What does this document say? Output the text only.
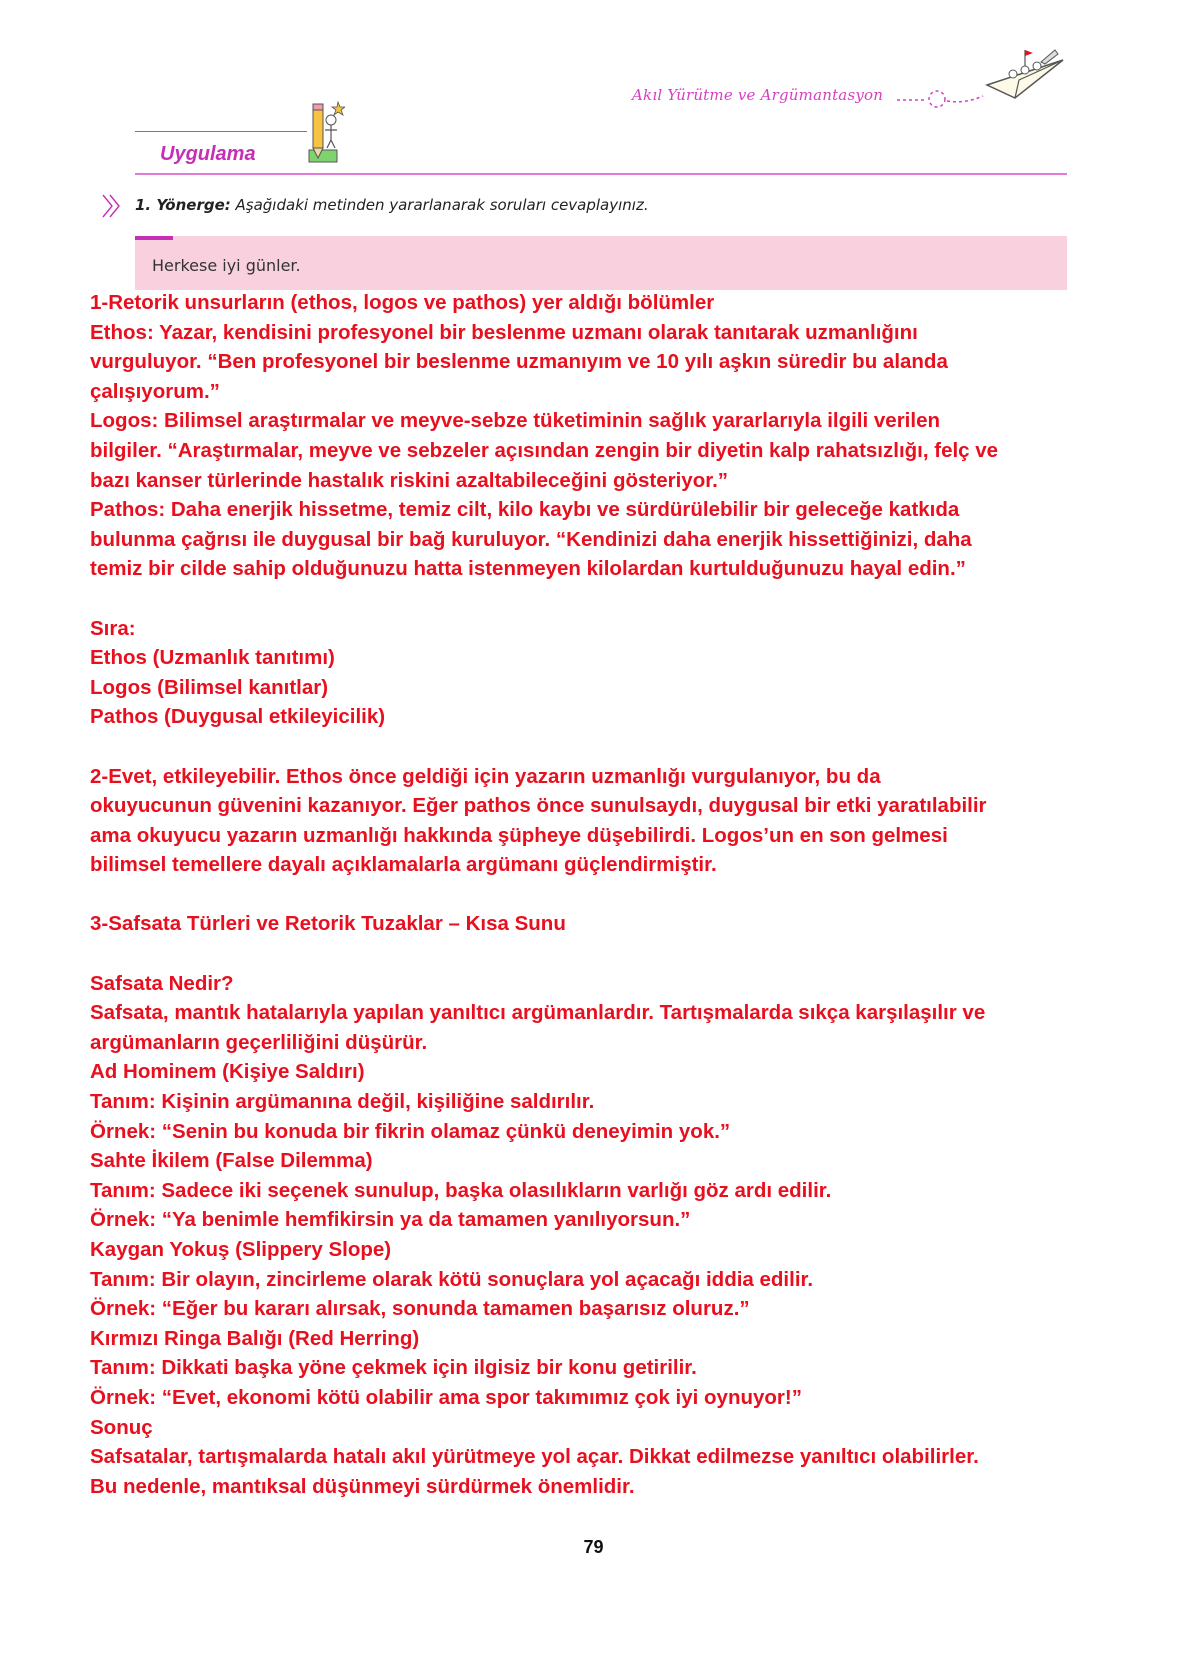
Akıl Yürütme ve Argümantasyon
Uygulama
1. Yönerge: Aşağıdaki metinden yararlanarak soruları cevaplayınız.
Herkese iyi günler.
1-Retorik unsurların (ethos, logos ve pathos) yer aldığı bölümler
Ethos: Yazar, kendisini profesyonel bir beslenme uzmanı olarak tanıtarak uzmanlığını
vurguluyor. “Ben profesyonel bir beslenme uzmanıyım ve 10 yılı aşkın süredir bu alanda
çalışıyorum.”
Logos: Bilimsel araştırmalar ve meyve-sebze tüketiminin sağlık yararlarıyla ilgili verilen
bilgiler. “Araştırmalar, meyve ve sebzeler açısından zengin bir diyetin kalp rahatsızlığı, felç ve
bazı kanser türlerinde hastalık riskini azaltabileceğini gösteriyor.”
Pathos: Daha enerjik hissetme, temiz cilt, kilo kaybı ve sürdürülebilir bir geleceğe katkıda
bulunma çağrısı ile duygusal bir bağ kuruluyor. “Kendinizi daha enerjik hissettiğinizi, daha
temiz bir cilde sahip olduğunuzu hatta istenmeyen kilolardan kurtulduğunuzu hayal edin.”
Sıra:
Ethos (Uzmanlık tanıtımı)
Logos (Bilimsel kanıtlar)
Pathos (Duygusal etkileyicilik)
2-Evet, etkileyebilir. Ethos önce geldiği için yazarın uzmanlığı vurgulanıyor, bu da
okuyucunun güvenini kazanıyor. Eğer pathos önce sunulsaydı, duygusal bir etki yaratılabilir
ama okuyucu yazarın uzmanlığı hakkında şüpheye düşebilirdi. Logos’un en son gelmesi
bilimsel temellere dayalı açıklamalarla argümanı güçlendirmiştir.
3-Safsata Türleri ve Retorik Tuzaklar – Kısa Sunu
Safsata Nedir?
Safsata, mantık hatalarıyla yapılan yanıltıcı argümanlardır. Tartışmalarda sıkça karşılaşılır ve
argümanların geçerliliğini düşürür.
Ad Hominem (Kişiye Saldırı)
Tanım: Kişinin argümanına değil, kişiliğine saldırılır.
Örnek: “Senin bu konuda bir fikrin olamaz çünkü deneyimin yok.”
Sahte İkilem (False Dilemma)
Tanım: Sadece iki seçenek sunulup, başka olasılıkların varlığı göz ardı edilir.
Örnek: “Ya benimle hemfikirsin ya da tamamen yanılıyorsun.”
Kaygan Yokuş (Slippery Slope)
Tanım: Bir olayın, zincirleme olarak kötü sonuçlara yol açacağı iddia edilir.
Örnek: “Eğer bu kararı alırsak, sonunda tamamen başarısız oluruz.”
Kırmızı Ringa Balığı (Red Herring)
Tanım: Dikkati başka yöne çekmek için ilgisiz bir konu getirilir.
Örnek: “Evet, ekonomi kötü olabilir ama spor takımımız çok iyi oynuyor!”
Sonuç
Safsatalar, tartışmalarda hatalı akıl yürütmeye yol açar. Dikkat edilmezse yanıltıcı olabilirler.
Bu nedenle, mantıksal düşünmeyi sürdürmek önemlidir.
79
